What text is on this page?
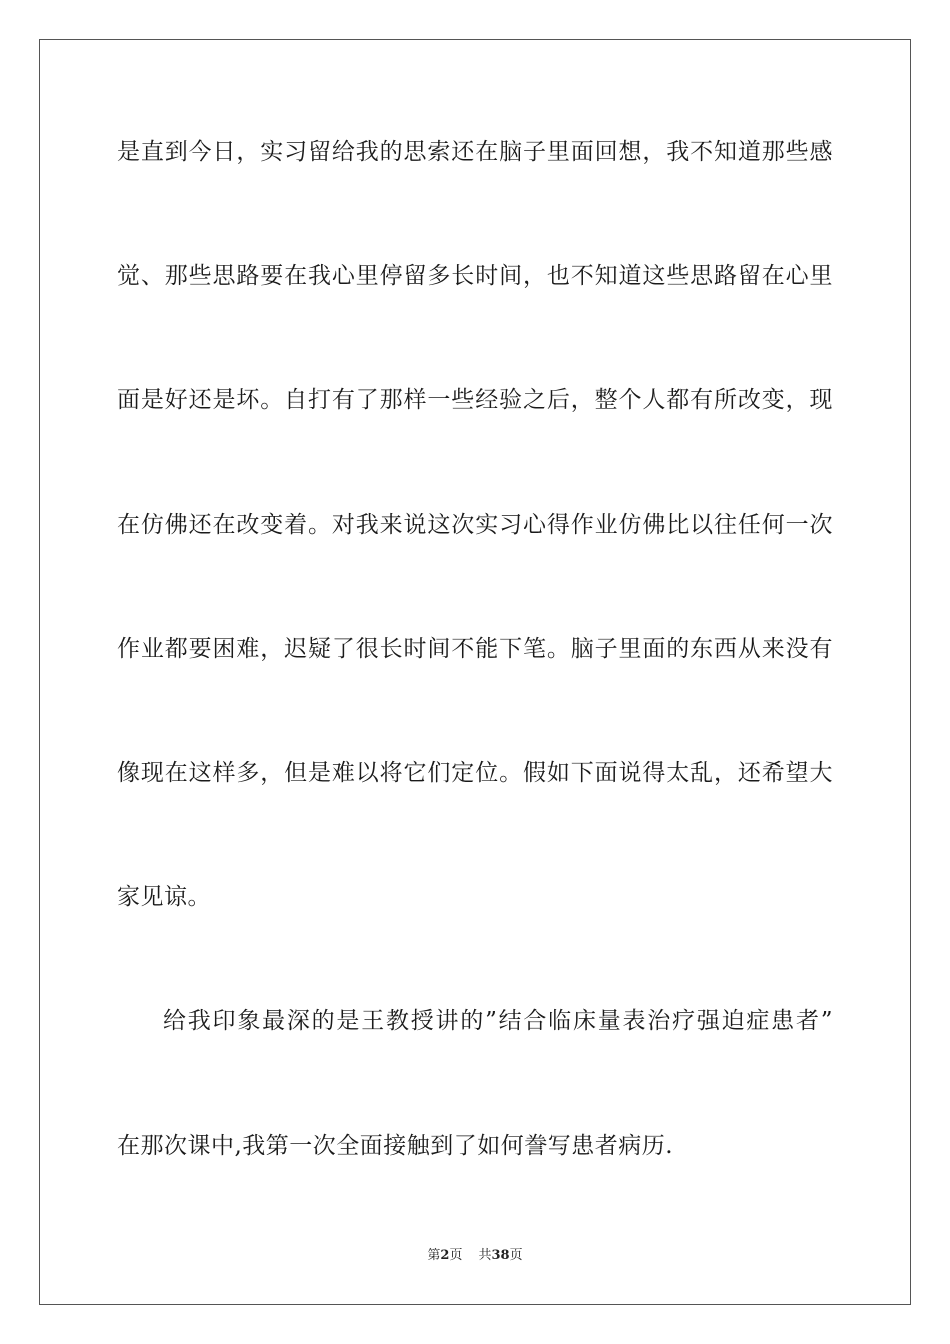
是直到今日，实习留给我的思索还在脑子里面回想，我不知道那些感
觉、那些思路要在我心里停留多长时间，也不知道这些思路留在心里
面是好还是坏。自打有了那样一些经验之后，整个人都有所改变，现
在仿佛还在改变着。对我来说这次实习心得作业仿佛比以往任何一次
作业都要困难，迟疑了很长时间不能下笔。脑子里面的东西从来没有
像现在这样多，但是难以将它们定位。假如下面说得太乱，还希望大
家见谅。
给我印象最深的是王教授讲的”结合临床量表治疗强迫症患者”
在那次课中,我第一次全面接触到了如何誊写患者病历.
第2页 共38页
